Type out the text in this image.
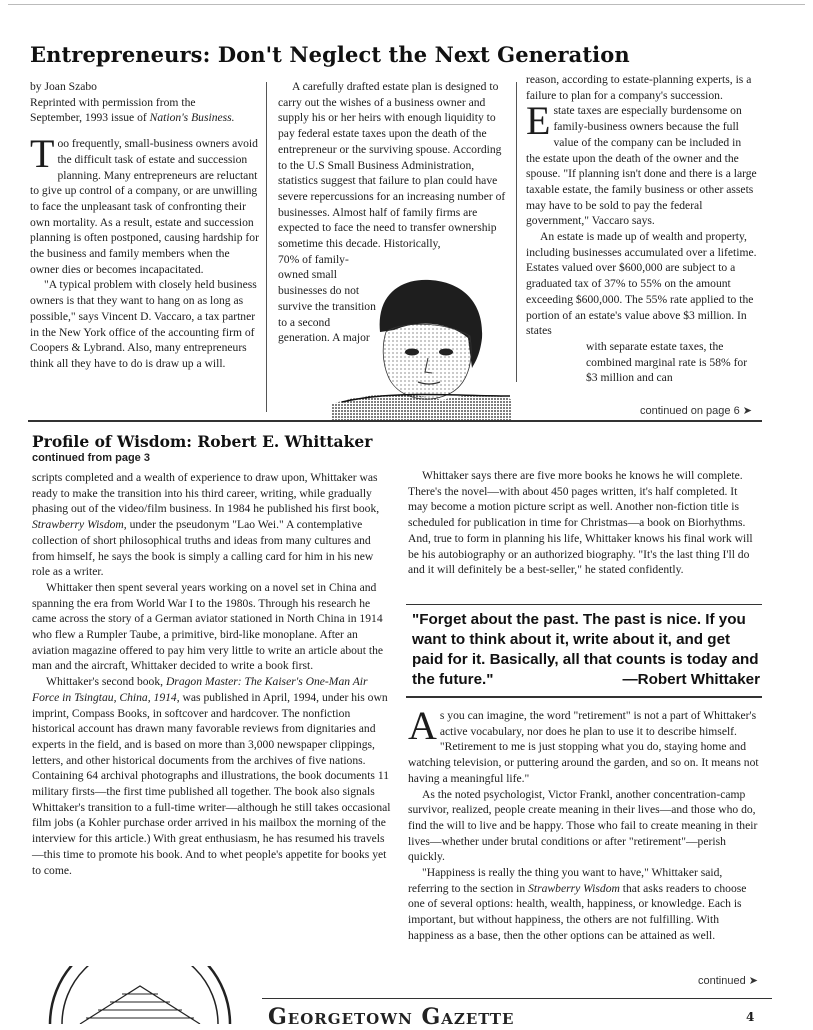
Entrepreneurs: Don't Neglect the Next Generation

by Joan Szabo
Reprinted with permission from the
September, 1993 issue of Nation's Business.

Too frequently, small-business owners avoid the difficult task of estate and succession planning. Many entrepreneurs are reluctant to give up control of a company, or are unwilling to face the unpleasant task of confronting their own mortality. As a result, estate and succession planning is often postponed, causing hardship for the business and family members when the owner dies or becomes incapacitated.

"A typical problem with closely held business owners is that they want to hang on as long as possible," says Vincent D. Vaccaro, a tax partner in the New York office of the accounting firm of Coopers & Lybrand. Also, many entrepreneurs think all they have to do is draw up a will.

A carefully drafted estate plan is designed to carry out the wishes of a business owner and supply his or her heirs with enough liquidity to pay federal estate taxes upon the death of the entrepreneur or the surviving spouse. According to the U.S Small Business Administration, statistics suggest that failure to plan could have severe repercussions for an increasing number of businesses. Almost half of family firms are expected to face the need to transfer ownership sometime this decade. Historically,

70% of family-owned small businesses do not survive the transition to a second generation. A major

reason, according to estate-planning experts, is a failure to plan for a company's succession.

Estate taxes are especially burdensome on family-business owners because the full value of the company can be included in the estate upon the death of the owner and the spouse. "If planning isn't done and there is a large taxable estate, the family business or other assets may have to be sold to pay the federal government," Vaccaro says.

An estate is made up of wealth and property, including businesses accumulated over a lifetime. Estates valued over $600,000 are subject to a graduated tax of 37% to 55% on the amount exceeding $600,000. The 55% rate applied to the portion of an estate's value above $3 million. In states

with separate estate taxes, the combined marginal rate is 58% for $3 million and can

continued on page 6 ➤
Profile of Wisdom: Robert E. Whittaker
continued from page 3

scripts completed and a wealth of experience to draw upon, Whittaker was ready to make the transition into his third career, writing, while gradually phasing out of the video/film business. In 1984 he published his first book, Strawberry Wisdom, under the pseudonym "Lao Wei." A contemplative collection of short philosophical truths and ideas from many cultures and from himself, he says the book is simply a calling card for him in his new role as a writer.

Whittaker then spent several years working on a novel set in China and spanning the era from World War I to the 1980s. Through his research he came across the story of a German aviator stationed in North China in 1914 who flew a Rumpler Taube, a primitive, bird-like monoplane. After an aviation magazine offered to pay him very little to write an article about the man and the aircraft, Whittaker decided to write a book first.

Whittaker's second book, Dragon Master: The Kaiser's One-Man Air Force in Tsingtau, China, 1914, was published in April, 1994, under his own imprint, Compass Books, in softcover and hardcover. The nonfiction historical account has drawn many favorable reviews from dignitaries and experts in the field, and is based on more than 3,000 newspaper clippings, letters, and other historical documents from the archives of five nations. Containing 64 archival photographs and illustrations, the book documents 11 military firsts—the first time published all together. The book also signals Whittaker's transition to a full-time writer—although he still takes occasional film jobs (a Kohler purchase order arrived in his mailbox the morning of the interview for this article.) With great enthusiasm, he has resumed his travels—this time to promote his book. And to whet people's appetite for books yet to come.

Whittaker says there are five more books he knows he will complete. There's the novel—with about 450 pages written, it's half completed. It may become a motion picture script as well. Another non-fiction title is scheduled for publication in time for Christmas—a book on Biorhythms. And, true to form in planning his life, Whittaker knows his final work will be his autobiography or an authorized biography. "It's the last thing I'll do and it will definitely be a best-seller," he stated confidently.

"Forget about the past. The past is nice. If you want to think about it, write about it, and get paid for it. Basically, all that counts is today and the future."	—Robert Whittaker

As you can imagine, the word "retirement" is not a part of Whittaker's active vocabulary, nor does he plan to use it to describe himself. "Retirement to me is just stopping what you do, staying home and watching television, or puttering around the garden, and so on. It means not having a meaningful life."

As the noted psychologist, Victor Frankl, another concentration-camp survivor, realized, people create meaning in their lives—and those who do, find the will to live and be happy. Those who fail to create meaning in their lives—whether under brutal conditions or after "retirement"—perish quickly.

"Happiness is really the thing you want to have," Whittaker said, referring to the section in Strawberry Wisdom that asks readers to choose one of several options: health, wealth, happiness, or knowledge. Each is important, but without happiness, the others are not fulfilling. With happiness as a base, then the other options can be attained as well.

continued ➤
Georgetown Gazette	4
